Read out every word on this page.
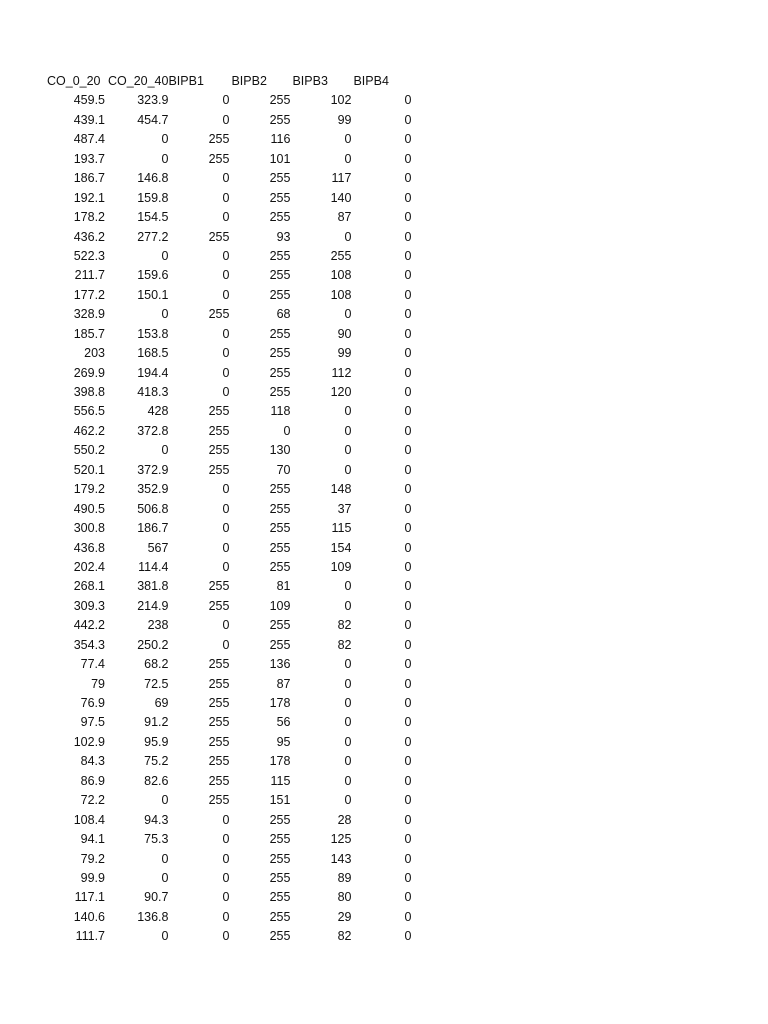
CO_0_20	CO_20_40	BIPB1	BIPB2	BIPB3	BIPB4
459.5	323.9	0	255	102	0
439.1	454.7	0	255	99	0
487.4	0	255	116	0	0
193.7	0	255	101	0	0
186.7	146.8	0	255	117	0
192.1	159.8	0	255	140	0
178.2	154.5	0	255	87	0
436.2	277.2	255	93	0	0
522.3	0	0	255	255	0
211.7	159.6	0	255	108	0
177.2	150.1	0	255	108	0
328.9	0	255	68	0	0
185.7	153.8	0	255	90	0
203	168.5	0	255	99	0
269.9	194.4	0	255	112	0
398.8	418.3	0	255	120	0
556.5	428	255	118	0	0
462.2	372.8	255	0	0	0
550.2	0	255	130	0	0
520.1	372.9	255	70	0	0
179.2	352.9	0	255	148	0
490.5	506.8	0	255	37	0
300.8	186.7	0	255	115	0
436.8	567	0	255	154	0
202.4	114.4	0	255	109	0
268.1	381.8	255	81	0	0
309.3	214.9	255	109	0	0
442.2	238	0	255	82	0
354.3	250.2	0	255	82	0
77.4	68.2	255	136	0	0
79	72.5	255	87	0	0
76.9	69	255	178	0	0
97.5	91.2	255	56	0	0
102.9	95.9	255	95	0	0
84.3	75.2	255	178	0	0
86.9	82.6	255	115	0	0
72.2	0	255	151	0	0
108.4	94.3	0	255	28	0
94.1	75.3	0	255	125	0
79.2	0	0	255	143	0
99.9	0	0	255	89	0
117.1	90.7	0	255	80	0
140.6	136.8	0	255	29	0
111.7	0	0	255	82	0
